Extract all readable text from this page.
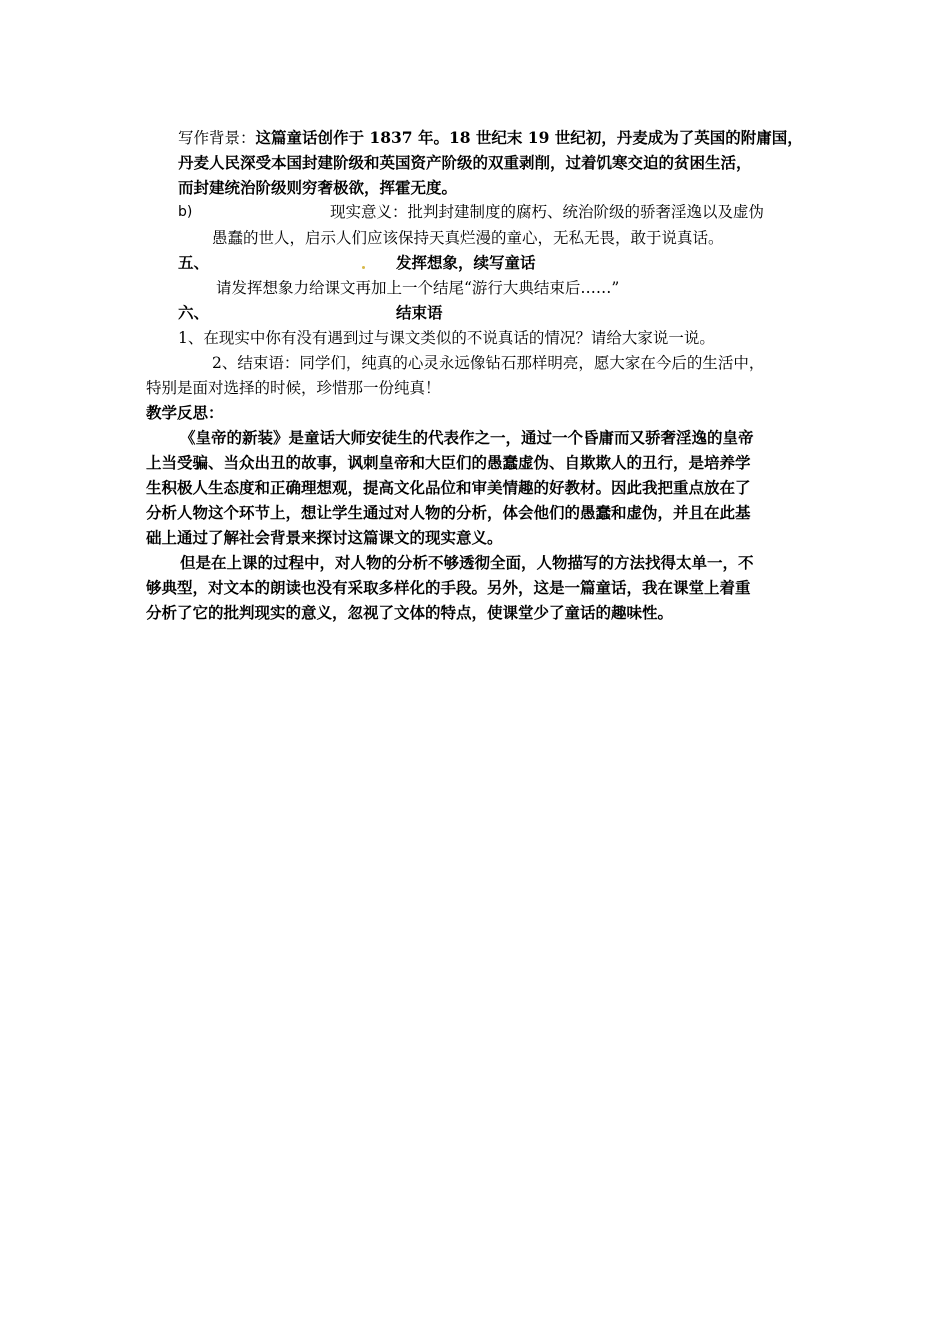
写作背景：这篇童话创作于 1837 年。18 世纪末 19 世纪初，丹麦成为了英国的附庸国，
丹麦人民深受本国封建阶级和英国资产阶级的双重剥削，过着饥寒交迫的贫困生活，
而封建统治阶级则穷奢极欲，挥霍无度。
b)	现实意义：批判封建制度的腐朽、统治阶级的骄奢淫逸以及虚伪
愚蠢的世人，启示人们应该保持天真烂漫的童心，无私无畏，敢于说真话。
五、	发挥想象，续写童话
请发挥想象力给课文再加上一个结尾“游行大典结束后……”
六、	结束语
1、在现实中你有没有遇到过与课文类似的不说真话的情况？请给大家说一说。
2、结束语：同学们，纯真的心灵永远像钻石那样明亮，愿大家在今后的生活中，
特别是面对选择的时候，珍惜那一份纯真！
教学反思：
《皇帝的新装》是童话大师安徒生的代表作之一，通过一个昏庸而又骄奢淫逸的皇帝
上当受骗、当众出丑的故事，讽刺皇帝和大臣们的愚蠢虚伪、自欺欺人的丑行，是培养学
生积极人生态度和正确理想观，提高文化品位和审美情趣的好教材。因此我把重点放在了
分析人物这个环节上，想让学生通过对人物的分析，体会他们的愚蠢和虚伪，并且在此基
础上通过了解社会背景来探讨这篇课文的现实意义。
但是在上课的过程中，对人物的分析不够透彻全面，人物描写的方法找得太单一，不
够典型，对文本的朗读也没有采取多样化的手段。另外，这是一篇童话，我在课堂上着重
分析了它的批判现实的意义，忽视了文体的特点，使课堂少了童话的趣味性。
